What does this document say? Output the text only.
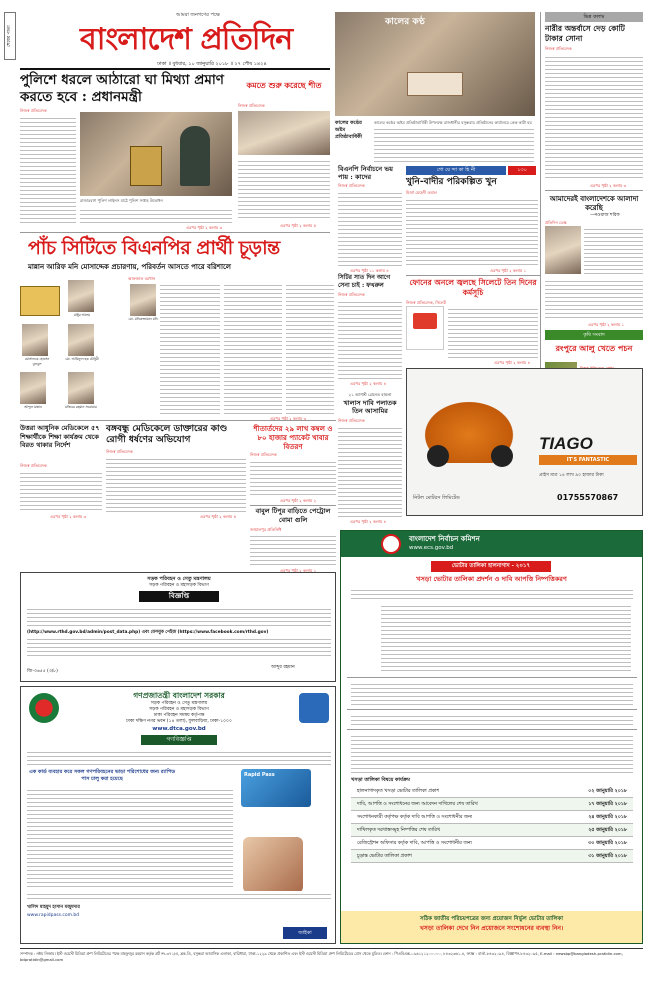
শেষের পাতা
আমরা জনগণের পক্ষে
বাংলাদেশ প্রতিদিন
ঢাকা ॥ বুধবার, ১০ জানুয়ারি ২০১৮ ॥ ২৭ পৌষ ১৪২৪
পুলিশে ধরলে আঠারো ঘা মিথ্যা প্রমাণ করতে হবে : প্রধানমন্ত্রী
নিজস্ব প্রতিবেদক
রাজারবাগ পুলিশ লাইনস মাঠে পুলিশ সপ্তাহ উদ্বোধন
এরপর পৃষ্ঠা ২ কলাম ৩
কমতে শুরু করেছে শীত
নিজস্ব প্রতিবেদক
এরপর পৃষ্ঠা ২ কলাম ৫
কালের কণ্ঠ
কালের কণ্ঠের অষ্টম প্রতিষ্ঠাবার্ষিকী
কালের কণ্ঠের অষ্টম প্রতিষ্ঠাবার্ষিকী উপলক্ষে রাজধানীর বসুন্ধরায় প্রতিষ্ঠানের কার্যালয়ে কেক কাটা হয়
ভিন্ন কলাম
নারীর অন্তর্বাসে দেড় কোটি টাকার সোনা
নিজস্ব প্রতিবেদক
এরপর পৃষ্ঠা ২ কলাম ৩
আমাদেরই বাংলাদেশকে আলাদা করেছি
—নওয়াজ শরিফ
প্রতিদিন ডেস্ক
এরপর পৃষ্ঠা ২ কলাম ১
কৃষি সংবাদ
রংপুরে আলু খেতে পচন
পাঁচ সিটিতে বিএনপির প্রার্থী চূড়ান্ত
মান্নান আরিফ মনি মোসাদ্দেক প্রচারণায়, পরিবর্তন আসতে পারে বরিশালে
আফজাল বরখান
মঞ্জুর আলম
মোসাদ্দেক হোসেন বুলবুল
মো. আরিফুল হক চৌধুরী
মো. মনিরুজ্জামান মনি
আব্দুল মান্নান	মজিবর রহমান সরোয়ার
এরপর পৃষ্ঠা ২ কলাম ৩
বিএনপি নির্বাচনে ভয় পায় : কাদের
নিজস্ব প্রতিবেদক
এরপর পৃষ্ঠা ১১ কলাম ৪
গো য়ে ন্দা কা হি নী	১৩০
খুনি-বাদীর পরিকল্পিত খুন
মির্জা মেহেদী তমাল
এরপর পৃষ্ঠা ২ কলাম ১
ফোনের অনলে জ্বলছে সিলেটে তিন দিনের কর্মসূচি
নিজস্ব প্রতিবেদক, সিলেট
এরপর পৃষ্ঠা ২ কলাম ৪
সিটির সাত দিন আগে সেনা চাই : ফখরুল
নিজস্ব প্রতিবেদক
এরপর পৃষ্ঠা ২ কলাম ৪
২১ আগস্ট গ্রেনেড হামলা
খালাস দাবি পলাতক তিন আসামির
নিজস্ব প্রতিবেদক
এরপর পৃষ্ঠা ২ কলাম ৪
উত্তরা আধুনিক মেডিকেলে ৫৭ শিক্ষার্থীকে শিক্ষা কার্যক্রম থেকে বিরত থাকার নির্দেশ
নিজস্ব প্রতিবেদক
এরপর পৃষ্ঠা ২ কলাম ৩
বঙ্গবন্ধু মেডিকেলে ডাক্তারের কাণ্ড রোগী ধর্ষণের অভিযোগ
নিজস্ব প্রতিবেদক
এরপর পৃষ্ঠা ২ কলাম ৫
শীতার্তদের ২৯ লাখ কম্বল ও ৮০ হাজার প্যাকেট খাবার বিতরণ
নিজস্ব প্রতিবেদক
এরপর পৃষ্ঠা ২ কলাম ২
বাবুল টিপুর বাড়িতে পেট্রোল বোমা গুলি
জামালপুর প্রতিনিধি
এরপর পৃষ্ঠা ২ কলাম ১
TIAGO
IT'S FANTASTIC
প্রাইস মাত্র ১৪ লাখ ৯০ হাজার টাকা
নিটল মোটরস লিমিটেড	01755570867
সড়ক পরিবহন ও সেতু মন্ত্রণালয়
সড়ক পরিবহন ও মহাসড়ক বিভাগ
বিজ্ঞপ্তি
(http://www.rthd.gov.bd/admin/post_data.php) এবং ফেসবুক পেইজ (https://www.facebook.com/rthd.gov)
আব্দুর রহমান
জি-৩৬৫৫ (৩/৮)
গণপ্রজাতন্ত্রী বাংলাদেশ সরকার
সড়ক পরিবহন ও সেতু মন্ত্রণালয়
সড়ক পরিবহন ও মহাসড়ক বিভাগ
ঢাকা পরিবহন সমন্বয় কর্তৃপক্ষ
ঢাকা দক্ষিণ নগর ভবন (১৪ তলা), ফুলবাড়িয়া, ঢাকা-১০০০
www.dtca.gov.bd
গণবিজ্ঞপ্তি
এক কার্ড ব্যবহার করে সকল গণপরিবহনের ভাড়া পরিশোধের জন্য র‍্যাপিড পাস চালু করা হয়েছে
Rapid Pass
খালিদ মাহমুদ হাসান মজুমদার
www.rapidpass.com.bd
জাইকা
বাংলাদেশ নির্বাচন কমিশন
www.ecs.gov.bd
ভোটার তালিকা হালনাগাদ - ২০১৭
খসড়া ভোটার তালিকা প্রদর্শন ও দাবি আপত্তি নিষ্পত্তিকরণ
খসড়া তালিকা বিষয়ে কার্যক্রম
হালনাগাদকৃত খসড়া ভোটার তালিকা প্রকাশ	০২ জানুয়ারি ২০১৮
দাবি, আপত্তি ও সংশোধনের জন্য আবেদন দাখিলের শেষ তারিখ	১৭ জানুয়ারি ২০১৮
সংশোধনকারী কর্তৃপক্ষ কর্তৃক দাবি আপত্তি ও সংশোধনীর জন্য	২৪ জানুয়ারি ২০১৮
দাখিলকৃত দরখাস্তসমূহ নিষ্পত্তির শেষ তারিখ	২৫ জানুয়ারি ২০১৮
রেজিস্ট্রেশন অফিসার কর্তৃক দাবি, আপত্তি ও সংশোধনীর জন্য	৩০ জানুয়ারি ২০১৮
চূড়ান্ত ভোটার তালিকা প্রকাশ	৩১ জানুয়ারি ২০১৮
সঠিক জাতীয় পরিচয়পত্রের জন্য প্রয়োজন নির্ভুল ভোটার তালিকা
খসড়া তালিকা দেখে নিন প্রয়োজনে সংশোধনের ব্যবস্থা নিন।
সম্পাদক : নঈম নিজাম। ইস্ট ওয়েস্ট মিডিয়া গ্রুপ লিমিটেডের পক্ষে মাহফুজুর রহমান কর্তৃক প্লট নং-৩৭১/এ, ব্লক-ডি, বসুন্ধরা আবাসিক এলাকা, বারিধারা, ঢাকা-১২২৯ থেকে প্রকাশিত এবং ইস্ট ওয়েস্ট মিডিয়া গ্রুপ লিমিটেডের প্রেস থেকে মুদ্রিত। ফোন : পিএবিএক্স-০৯৬১২১২০০০০০, ৮৪৩২৩৬১-৪, ফ্যাক্স : বার্তা-৮৪৩২০৯৪, বিজ্ঞাপন-৮৪৩২০৯৫, E-mail : newsbp@bangladesh-pratidin.com, bdpratidin@gmail.com
